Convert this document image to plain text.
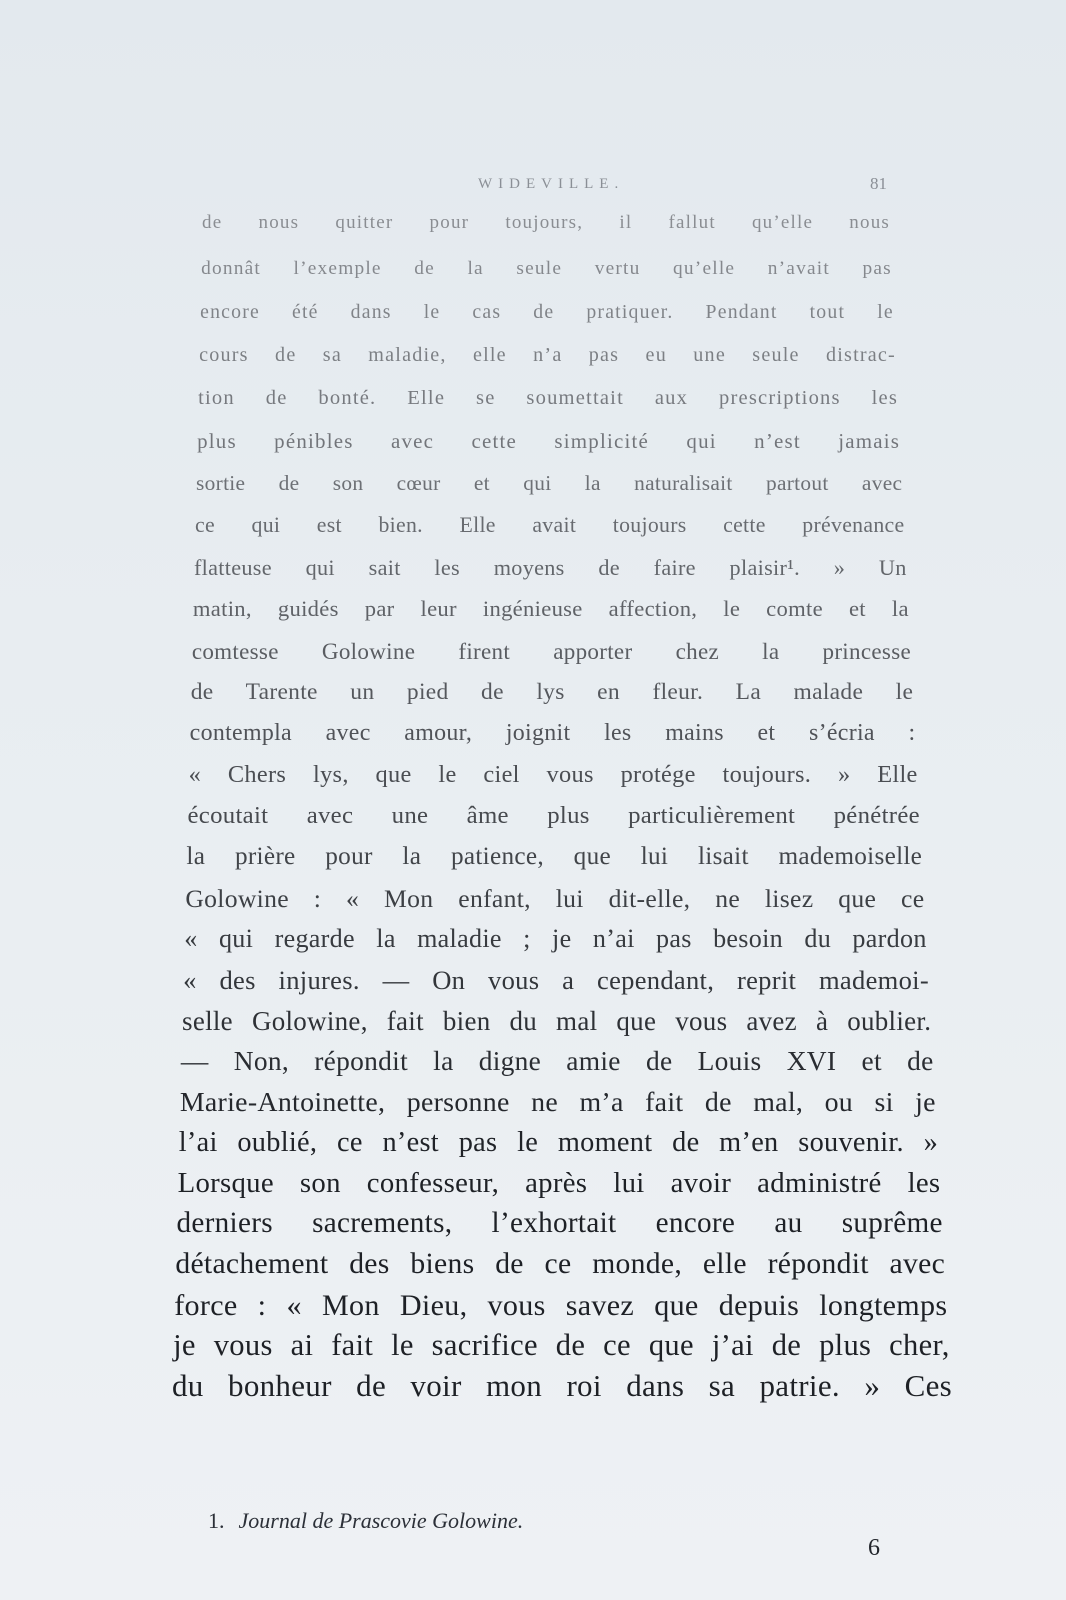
WIDEVILLE.	81
de nous quitter pour toujours, il fallut qu’elle nous
donnât l’exemple de la seule vertu qu’elle n’avait pas
encore été dans le cas de pratiquer. Pendant tout le
cours de sa maladie, elle n’a pas eu une seule distrac-
tion de bonté. Elle se soumettait aux prescriptions les
plus pénibles avec cette simplicité qui n’est jamais
sortie de son cœur et qui la naturalisait partout avec
ce qui est bien. Elle avait toujours cette prévenance
flatteuse qui sait les moyens de faire plaisir¹. » Un
matin, guidés par leur ingénieuse affection, le comte et la
comtesse Golowine firent apporter chez la princesse
de Tarente un pied de lys en fleur. La malade le
contempla avec amour, joignit les mains et s’écria :
« Chers lys, que le ciel vous protége toujours. » Elle
écoutait avec une âme plus particulièrement pénétrée
la prière pour la patience, que lui lisait mademoiselle
Golowine : « Mon enfant, lui dit-elle, ne lisez que ce
« qui regarde la maladie ; je n’ai pas besoin du pardon
« des injures. — On vous a cependant, reprit mademoi-
selle Golowine, fait bien du mal que vous avez à oublier.
— Non, répondit la digne amie de Louis XVI et de
Marie-Antoinette, personne ne m’a fait de mal, ou si je
l’ai oublié, ce n’est pas le moment de m’en souvenir. »
Lorsque son confesseur, après lui avoir administré les
derniers sacrements, l’exhortait encore au suprême
détachement des biens de ce monde, elle répondit avec
force : « Mon Dieu, vous savez que depuis longtemps
je vous ai fait le sacrifice de ce que j’ai de plus cher,
du bonheur de voir mon roi dans sa patrie. » Ces
1. Journal de Prascovie Golowine.
6
